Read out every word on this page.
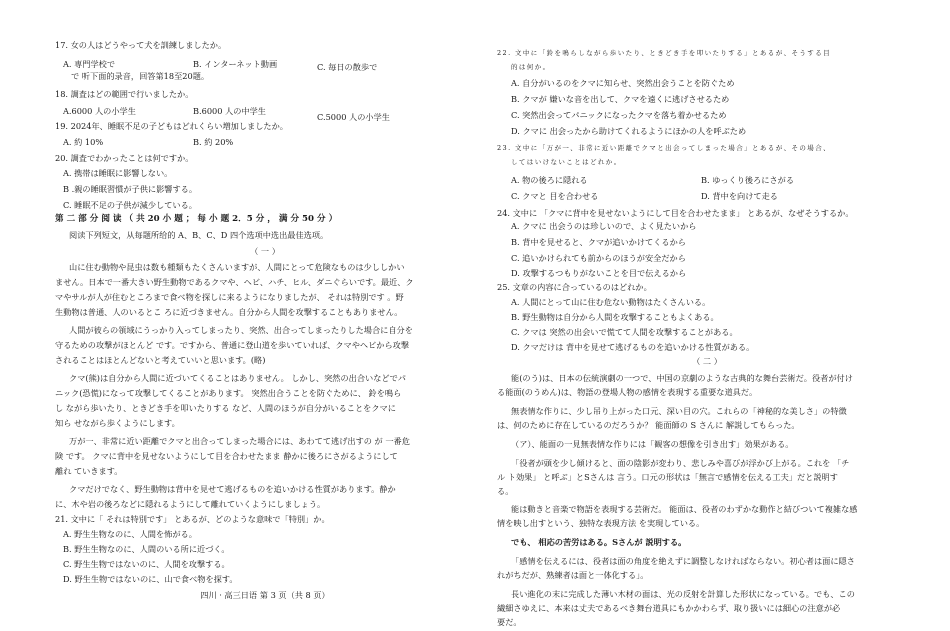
17. 女の人はどうやって犬を訓練しましたか。
A. 専門学校で	B. インターネット動画	C. 毎日の散歩で
で 听下面的录音，回答第18至20题。
18. 調査はどの範囲で行いましたか。
A.6000 人の小学生	B.6000 人の中学生
C.5000 人の小学生
19. 2024年、睡眠不足の子どもはどれくらい増加しましたか。
A. 約 10%	B. 約 20%
20. 調査でわかったことは何ですか。
A. 携帯は睡眠に影響しない。
B .親の睡眠習慣が子供に影響する。
C. 睡眠不足の子供が減少している。
第 二 部 分 阅 读 （ 共 20 小 题 ； 每 小 题 2．5 分 ， 满 分 50 分 ）
阅读下列短文，从每题所给的 A、B、C、D 四个选项中选出最佳选项。
（ 一 ）
山に住む動物や昆虫は数も種類もたくさんいますが、人間にとって危険なものは少ししかい
ません。日本で一番大きい野生動物であるクマや、ヘビ、ハチ、ヒル、ダニぐらいです。最近、ク
マやサルが人が住むところまで食べ物を探しに来るようになりましたが、 それは特別です 。野
生動物は普通、人のいるとこ ろに近づきません。自分から人間を攻撃することもありません。
人間が彼らの領域にうっかり入ってしまったり、突然、出合ってしまったりした場合に自分を
守るための攻撃がほとんど です。ですから、普通に登山道を歩いていれば、クマやヘビから攻撃
されることはほとんどないと考えていいと思います。(略)
クマ(熊)は自分から人間に近づいてくることはありません。 しかし、突然の出合いなどでパ
ニック(恐慌)になって攻撃してくることがあります。 突然出合うことを防ぐために、 鈴を鳴ら
し ながら歩いたり、ときどき手を叩いたりする など、人間のほうが自分がいることをクマに
知ら せながら歩くようにします。
万が一、非常に近い距離でクマと出合ってしまった場合には、あわてて逃げ出すの が 一番危
険 です。 クマに背中を見せないようにして目を合わせたまま 静かに後ろにさがるようにして
離れ ていきます。
クマだけでなく、野生動物は背中を見せて逃げるものを追いかける性質があります。静か
に、木や岩の後ろなどに隠れるようにして離れていくようにしましょう。
21. 文中に「 それは特別です」 とあるが、どのような意味で「特別」か。
A. 野生生物なのに、人間を怖がる。
B. 野生生物なのに、人間のいる所に近づく。
C. 野生生物ではないのに、人間を攻撃する。
D. 野生生物ではないのに、山で食べ物を探す。
四川 · 高三日语 第 3 页（共 8 页）
22. 文中に「鈴を鳴らしながら歩いたり、ときどき手を叩いたりする」とあるが、そうする目
的は何か。
A. 自分がいるのをクマに知らせ、突然出会うことを防ぐため
B. クマが 嫌いな音を出して、クマを遠くに逃げさせるため
C. 突然出会ってパニックになったクマを落ち着かせるため
D. クマに 出会ったから助けてくれるようにほかの人を呼ぶため
23. 文中に「万が一、非常に近い距離でクマと出会ってしまった場合」とあるが、その場合、
してはいけないことはどれか。
A. 物の後ろに隠れる	B. ゆっくり後ろにさがる
C. クマと 目を合わせる	D. 背中を向けて走る
24. 文中に 「クマに背中を見せないようにして目を合わせたまま」 とあるが、なぜそうするか。
A. クマに 出会うのは珍しいので、よく見たいから
B. 背中を見せると、クマが追いかけてくるから
C. 追いかけられても前からのほうが安全だから
D. 攻撃するつもりがないことを目で伝えるから
25. 文章の内容に合っているのはどれか。
A. 人間にとって山に住む危ない動物はたくさんいる。
B. 野生動物は自分から人間を攻撃することもよくある。
C. クマは 突然の出会いで慌てて人間を攻撃することがある。
D. クマだけは 背中を見せて逃げるものを追いかける性質がある。
（ 二 ）
能(のう)は、日本の伝統演劇の一つで、中国の京劇のような古典的な舞台芸術だ。役者が付け
る能面(のうめん)は、物語の登場人物の感情を表現する重要な道具だ。
無表情な作りに、少し吊り上がった口元、深い目の穴。これらの「神秘的な美しさ」の特徴
は、何のために存在しているのだろうか？ 能面師の S さんに 解説してもらった。
（ア）、能面の一見無表情な作りには「観客の想像を引き出す」効果がある。
「役者が頭を少し傾けると、面の陰影が変わり、悲しみや喜びが浮かび上がる。これを 「チ
ル ト効果」 と呼ぶ」とSさんは 言う。口元の形状は「無言で感情を伝える工夫」だと説明す
る。
能は動きと音楽で物語を表現する芸術だ。 能面は、役者のわずかな動作と結びついて複雑な感
情を映し出すという、独特な表現方法 を実現している。
でも、 相応の苦労はある。Sさんが 説明する。
「感情を伝えるには、役者は面の角度を絶えずに調整しなければならない。初心者は面に隠さ
れがちだが、熟練者は面と一体化する」。
長い進化の末に完成した薄い木材の面は、光の反射を計算した形状になっている。でも、この
繊細さゆえに、本来は丈夫であるべき舞台道具にもかかわらず、取り扱いには細心の注意が必
要だ。
